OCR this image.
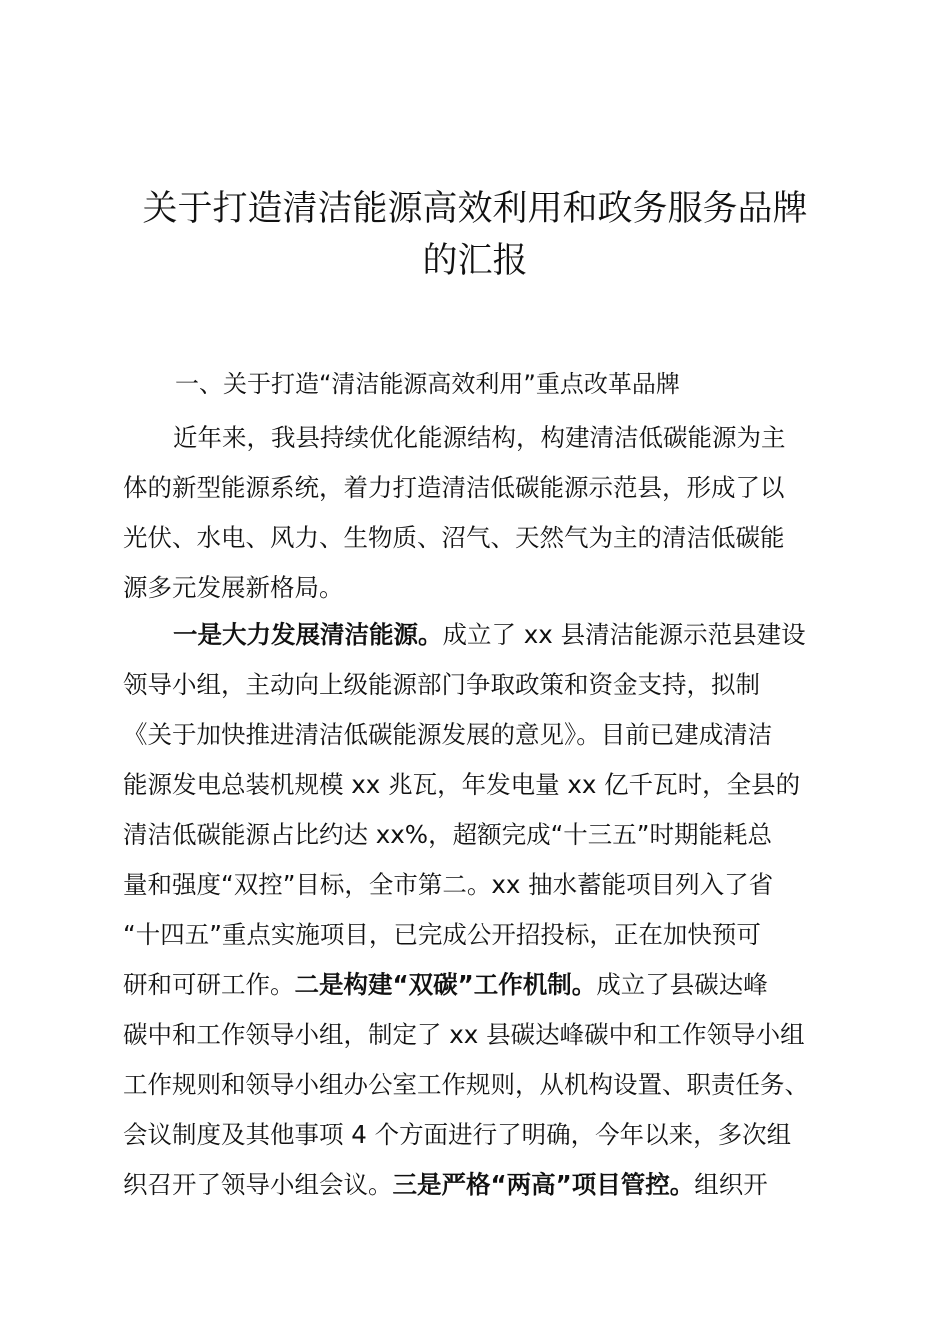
关于打造清洁能源高效利用和政务服务品牌
的汇报
一、关于打造“清洁能源高效利用”重点改革品牌
近年来，我县持续优化能源结构，构建清洁低碳能源为主
体的新型能源系统，着力打造清洁低碳能源示范县，形成了以
光伏、水电、风力、生物质、沼气、天然气为主的清洁低碳能
源多元发展新格局。
一是大力发展清洁能源。成立了 xx 县清洁能源示范县建设
领导小组，主动向上级能源部门争取政策和资金支持，拟制
《关于加快推进清洁低碳能源发展的意见》。目前已建成清洁
能源发电总装机规模 xx 兆瓦，年发电量 xx 亿千瓦时，全县的
清洁低碳能源占比约达 xx%，超额完成“十三五”时期能耗总
量和强度“双控”目标，全市第二。xx 抽水蓄能项目列入了省
“十四五”重点实施项目，已完成公开招投标，正在加快预可
研和可研工作。二是构建“双碳”工作机制。成立了县碳达峰
碳中和工作领导小组，制定了 xx 县碳达峰碳中和工作领导小组
工作规则和领导小组办公室工作规则，从机构设置、职责任务、
会议制度及其他事项 4 个方面进行了明确，今年以来，多次组
织召开了领导小组会议。三是严格“两高”项目管控。组织开
